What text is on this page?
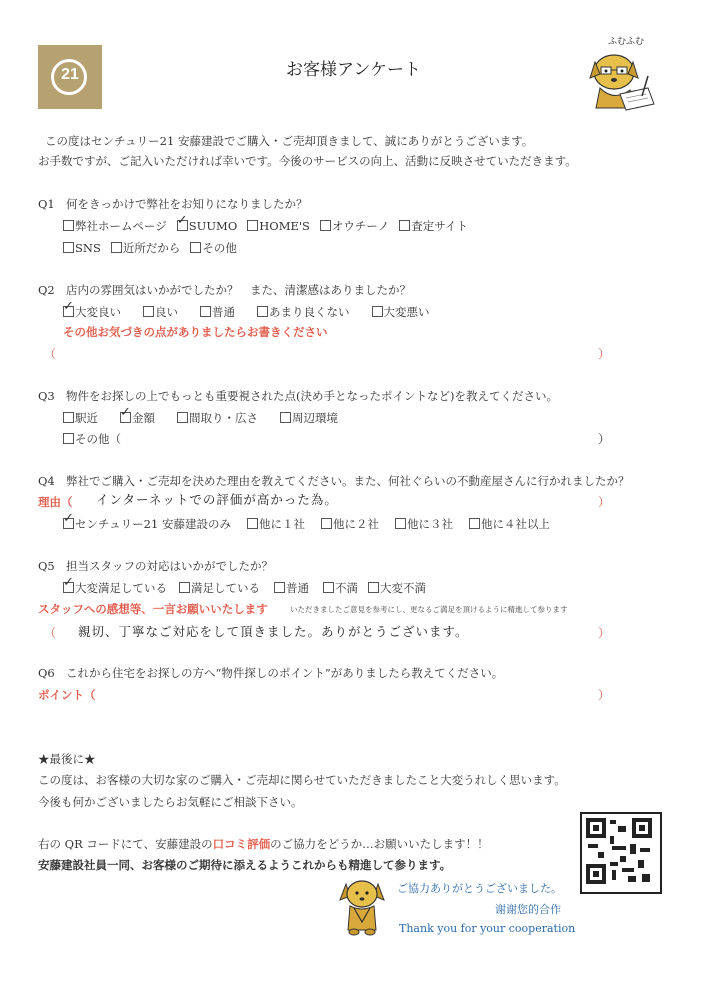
21	お客様アンケート
ふむふむ
この度はセンチュリー21 安藤建設でご購入・ご売却頂きまして、誠にありがとうございます。
お手数ですが、ご記入いただければ幸いです。今後のサービスの向上、活動に反映させていただきます。
Q1 何をきっかけで弊社をお知りになりましたか？
弊社ホームページ ✓ SUUMO HOME'S オウチーノ 査定サイト
SNS 近所だから その他
Q2 店内の雰囲気はいかがでしたか？　また、清潔感はありましたか？
✓大変良い	良い	普通	あまり良くない	大変悪い
その他お気づきの点がありましたらお書きください
（	）
Q3 物件をお探しの上でもっとも重要視された点(決め手となったポイントなど)を教えてください。
駅近 ✓	金額	間取り・広さ	周辺環境
その他（	）
Q4 弊社でご購入・ご売却を決めた理由を教えてください。また、何社ぐらいの不動産屋さんに行かれましたか？
理由（ インターネットでの評価が高かった為。	）
✓センチュリー21 安藤建設のみ 他に１社 他に２社 他に３社 他に４社以上
Q5 担当スタッフの対応はいかがでしたか？
✓大変満足している 満足している 普通 不満 大変不満
スタッフへの感想等、一言お願いいたします	いただきましたご意見を参考にし、更なるご満足を頂けるように精進して参ります
（ 親切、丁寧なご対応をして頂きました。ありがとうございます。	）
Q6 これから住宅をお探しの方へ“物件探しのポイント”がありましたら教えてください。
ポイント（	）
★最後に★
この度は、お客様の大切な家のご購入・ご売却に関らせていただきましたこと大変うれしく思います。
今後も何かございましたらお気軽にご相談下さい。
右の QR コードにて、安藤建設の口コミ評価のご協力をどうか…お願いいたします！！
安藤建設社員一同、お客様のご期待に添えるようこれからも精進して参ります。
ご協力ありがとうございました。
谢谢您的合作
Thank you for your cooperation
